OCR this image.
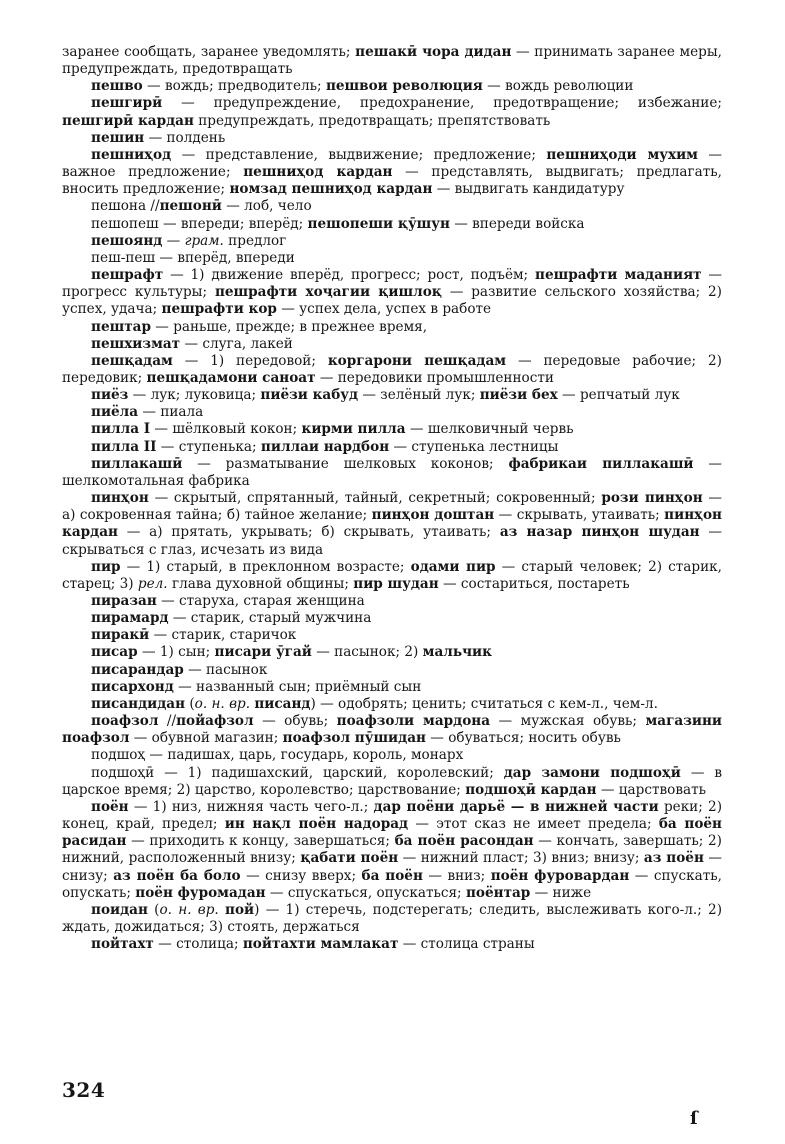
заранее сообщать, заранее уведомлять; пешакӣ чора дидан — принимать заранее меры, предупреждать, предотвращать

пешво — вождь; предводитель; пешвои революция — вождь революции

пешгирӣ — предупреждение, предохранение, предотвращение; избежание; пешгирӣ кардан предупреждать, предотвращать; препятствовать

пешин — полдень

пешниҳод — представление, выдвижение; предложение; пешниҳоди мухим — важное предложение; пешниҳод кардан — представлять, выдвигать; предлагать, вносить предложение; номзад пешниҳод кардан — выдвигать кандидатуру

пешона //пешонӣ — лоб, чело

пешопеш — впереди; вперёд; пешопеши қӯшун — впереди войска

пешоянд — грам. предлог

пеш-пеш — вперёд, впереди

пешрафт — 1) движение вперёд, прогресс; рост, подъём; пешрафти маданият — прогресс культуры; пешрафти хоҷагии қишлоқ — развитие сельского хозяйства; 2) успех, удача; пешрафти кор — успех дела, успех в работе

пештар — раньше, прежде; в прежнее время,

пешхизмат — слуга, лакей

пешқадам — 1) передовой; коргарони пешқадам — передовые рабочие; 2) передовик; пешқадамони саноат — передовики промышленности

пиёз — лук; луковица; пиёзи кабуд — зелёный лук; пиёзи бех — репчатый лук

пиёла — пиала

пилла I — шёлковый кокон; кирми пилла — шелковичный червь

пилла II — ступенька; пиллаи нардбон — ступенька лестницы

пиллакашӣ — разматывание шелковых коконов; фабрикаи пиллакашӣ — шелкомотальная фабрика

пинҳон — скрытый, спрятанный, тайный, секретный; сокровенный; рози пинҳон — а) сокровенная тайна; б) тайное желание; пинҳон доштан — скрывать, утаивать; пинҳон кардан — а) прятать, укрывать; б) скрывать, утаивать; аз назар пинҳон шудан — скрываться с глаз, исчезать из вида

пир — 1) старый, в преклонном возрасте; одами пир — старый человек; 2) старик, старец; 3) рел. глава духовной общины; пир шудан — состариться, постареть

пиразан — старуха, старая женщина

пирамард — старик, старый мужчина

пиракӣ — старик, старичок

писар — 1) сын; писари ӯгай — пасынок; 2) мальчик

писарандар — пасынок

писархонд — названный сын; приёмный сын

писандидан (о. н. вр. писанд) — одобрять; ценить; считаться с кем-л., чем-л.

поафзол //пойафзол — обувь; поафзоли мардона — мужская обувь; магазини поафзол — обувной магазин; поафзол пӯшидан — обуваться; носить обувь

подшоҳ — падишах, царь, государь, король, монарх

подшоҳӣ — 1) падишахский, царский, королевский; дар замони подшоҳӣ — в царское время; 2) царство, королевство; царствование; подшоҳӣ кардан — царствовать

поён — 1) низ, нижняя часть чего-л.; дар поёни дарьё — в нижней части реки; 2) конец, край, предел; ин нақл поён надорад — этот сказ не имеет предела; ба поён расидан — приходить к концу, завершаться; ба поён расондан — кончать, завершать; 2) нижний, расположенный внизу; қабати поён — нижний пласт; 3) вниз; внизу; аз поён — снизу; аз поён ба боло — снизу вверх; ба поён — вниз; поён фуровардан — спускать, опускать; поён фуромадан — спускаться, опускаться; поёнтар — ниже

поидан (о. н. вр. пой) — 1) стеречь, подстерегать; следить, выслеживать кого-л.; 2) ждать, дожидаться; 3) стоять, держаться

пойтахт — столица; пойтахти мамлакат — столица страны

324
ſ
